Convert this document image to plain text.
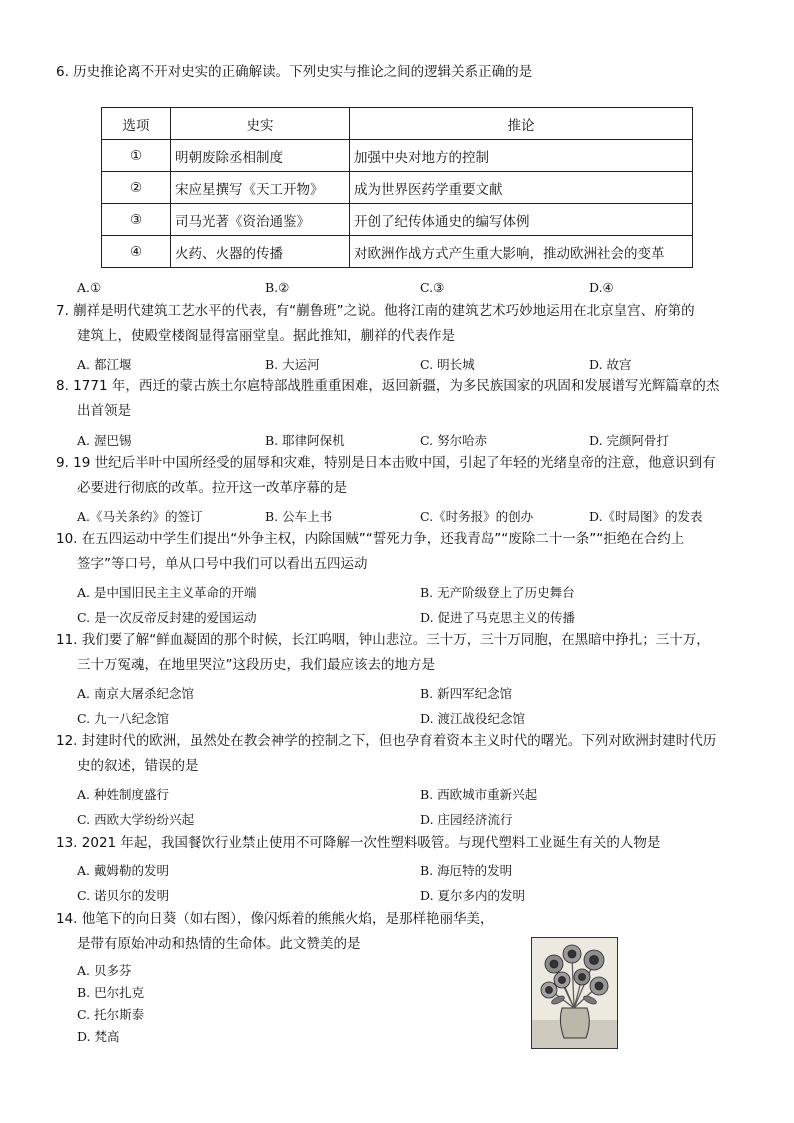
6. 历史推论离不开对史实的正确解读。下列史实与推论之间的逻辑关系正确的是
选项	史实	推论
①	明朝废除丞相制度	加强中央对地方的控制
②	宋应星撰写《天工开物》	成为世界医药学重要文献
③	司马光著《资治通鉴》	开创了纪传体通史的编写体例
④	火药、火器的传播	对欧洲作战方式产生重大影响，推动欧洲社会的变革
A.①	B.②	C.③	D.④
7. 蒯祥是明代建筑工艺水平的代表，有“蒯鲁班”之说。他将江南的建筑艺术巧妙地运用在北京皇宫、府第的
建筑上，使殿堂楼阁显得富丽堂皇。据此推知，蒯祥的代表作是
A. 都江堰	B. 大运河	C. 明长城	D. 故宫
8. 1771 年，西迁的蒙古族土尔扈特部战胜重重困难，返回新疆，为多民族国家的巩固和发展谱写光辉篇章的杰
出首领是
A. 渥巴锡	B. 耶律阿保机	C. 努尔哈赤	D. 完颜阿骨打
9. 19 世纪后半叶中国所经受的屈辱和灾难，特别是日本击败中国，引起了年轻的光绪皇帝的注意，他意识到有
必要进行彻底的改革。拉开这一改革序幕的是
A.《马关条约》的签订	B. 公车上书	C.《时务报》的创办	D.《时局图》的发表
10. 在五四运动中学生们提出“外争主权，内除国贼”“誓死力争，还我青岛”“废除二十一条”“拒绝在合约上
签字”等口号，单从口号中我们可以看出五四运动
A. 是中国旧民主主义革命的开端	B. 无产阶级登上了历史舞台
C. 是一次反帝反封建的爱国运动	D. 促进了马克思主义的传播
11. 我们要了解“鲜血凝固的那个时候，长江呜咽，钟山悲泣。三十万，三十万同胞，在黑暗中挣扎；三十万，
三十万冤魂，在地里哭泣”这段历史，我们最应该去的地方是
A. 南京大屠杀纪念馆	B. 新四军纪念馆
C. 九一八纪念馆	D. 渡江战役纪念馆
12. 封建时代的欧洲，虽然处在教会神学的控制之下，但也孕育着资本主义时代的曙光。下列对欧洲封建时代历
史的叙述，错误的是
A. 种姓制度盛行	B. 西欧城市重新兴起
C. 西欧大学纷纷兴起	D. 庄园经济流行
13. 2021 年起，我国餐饮行业禁止使用不可降解一次性塑料吸管。与现代塑料工业诞生有关的人物是
A. 戴姆勒的发明	B. 海厄特的发明
C. 诺贝尔的发明	D. 夏尔多内的发明
14. 他笔下的向日葵（如右图），像闪烁着的熊熊火焰，是那样艳丽华美，
是带有原始冲动和热情的生命体。此文赞美的是
A. 贝多芬
B. 巴尔扎克
C. 托尔斯泰
D. 梵高
